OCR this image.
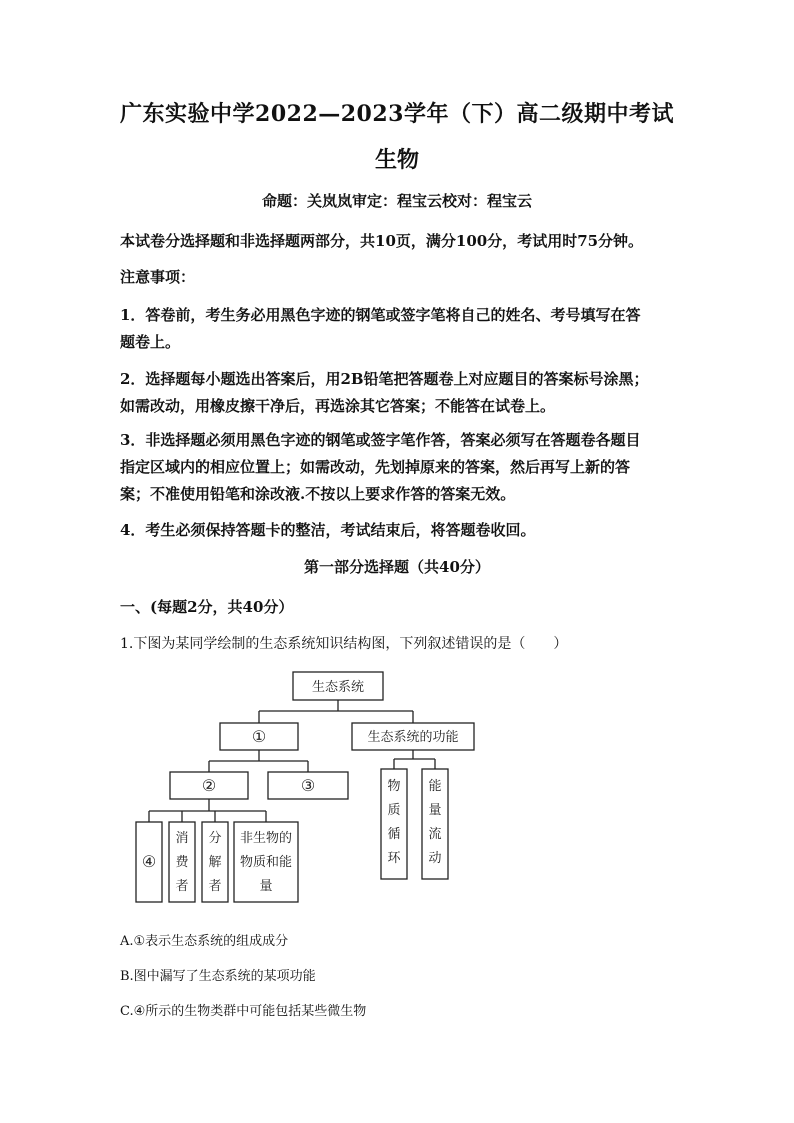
广东实验中学2022—2023学年（下）高二级期中考试
生物
命题：关岚岚审定：程宝云校对：程宝云
本试卷分选择题和非选择题两部分，共10页，满分100分，考试用时75分钟。
注意事项：
1．答卷前，考生务必用黑色字迹的钢笔或签字笔将自己的姓名、考号填写在答
题卷上。
2．选择题每小题选出答案后，用2B铅笔把答题卷上对应题目的答案标号涂黑；
如需改动，用橡皮擦干净后，再选涂其它答案；不能答在试卷上。
3．非选择题必须用黑色字迹的钢笔或签字笔作答，答案必须写在答题卷各题目
指定区域内的相应位置上；如需改动，先划掉原来的答案，然后再写上新的答
案；不准使用铅笔和涂改液.不按以上要求作答的答案无效。
4．考生必须保持答题卡的整洁，考试结束后，将答题卷收回。
第一部分选择题（共40分）
一、(每题2分，共40分）
1.下图为某同学绘制的生态系统知识结构图，下列叙述错误的是（　　）
生态系统
①	生态系统的功能
②	③
④
消
费
者
分
解
者
非生物的
物质和能
量
物
质
循
环
能
量
流
动
A.①表示生态系统的组成成分
B.图中漏写了生态系统的某项功能
C.④所示的生物类群中可能包括某些微生物
